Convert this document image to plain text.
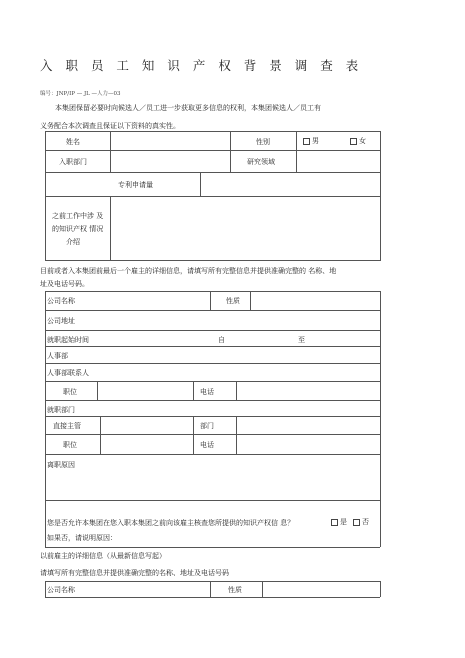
入 职 员 工 知 识 产 权 背 景 调 查 表
编号：JNP/IP — JL —人力—03
本集团保留必要时向候选人／员工进一步获取更多信息的权利，本集团候选人／员工有
义务配合本次调查且保证以下资料的真实性。
姓名	性别	男	女
入职部门	研究领域
专利申请量
之前工作中涉 及
的知识产权 情况
介绍
目前或者入本集团前最后一个雇主的详细信息，请填写所有完整信息并提供准确完整的 名称、地
址及电话号码。
公司名称	性质
公司地址
就职起始时间	自	至
人事部
人事部联系人
职位	电话
就职部门
直接主管	部门
职位	电话
离职原因
您是否允许本集团在您入职本集团之前向该雇主核查您所提供的知识产权信 息？	是	否
如果否，请说明原因：
以前雇主的详细信息（从最新信息写起）
请填写所有完整信息并提供准确完整的名称、地址及电话号码
公司名称	性质
